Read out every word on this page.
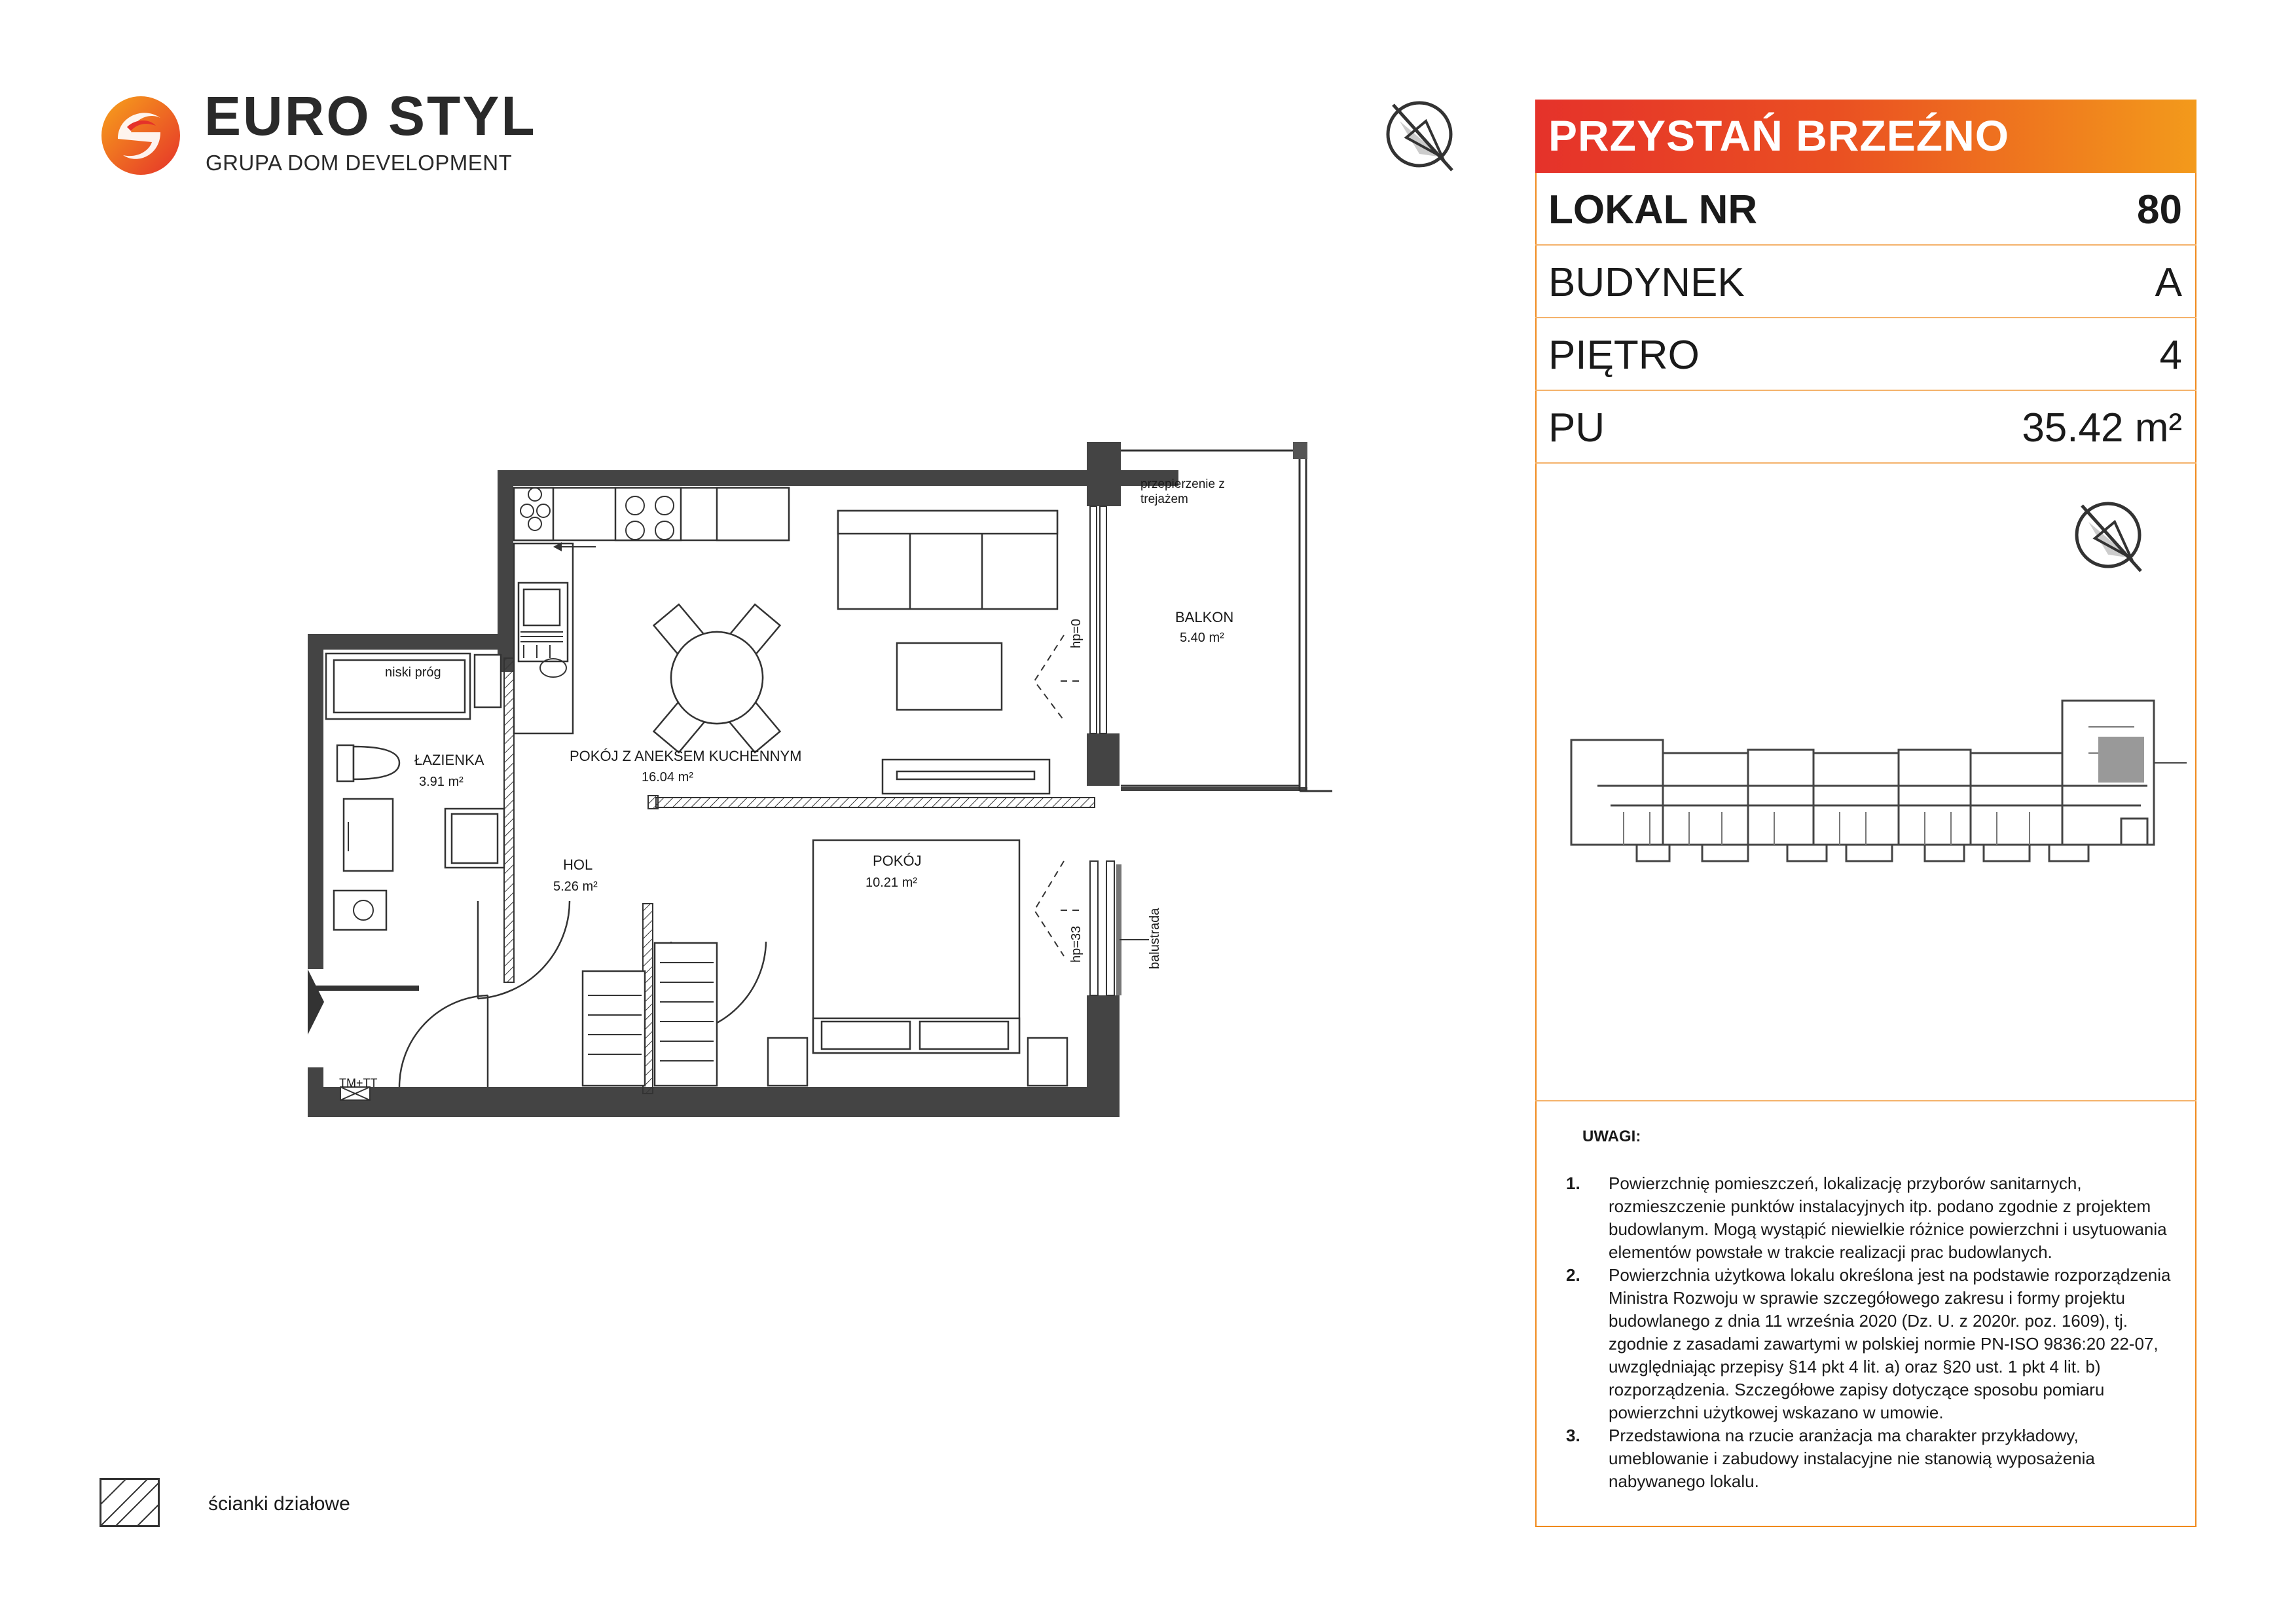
EURO STYL
GRUPA DOM DEVELOPMENT
PRZYSTAŃ BRZEŹNO
LOKAL NR	80
BUDYNEK	A
PIĘTRO	4
PU	35.42 m²
UWAGI:
1. Powierzchnię pomieszczeń, lokalizację przyborów sanitarnych,
rozmieszczenie punktów instalacyjnych itp. podano zgodnie z projektem
budowlanym. Mogą wystąpić niewielkie różnice powierzchni i usytuowania
elementów powstałe w trakcie realizacji prac budowlanych.
2. Powierzchnia użytkowa lokalu określona jest na podstawie rozporządzenia
Ministra Rozwoju w sprawie szczegółowego zakresu i formy projektu
budowlanego z dnia 11 września 2020 (Dz. U. z 2020r. poz. 1609), tj.
zgodnie z zasadami zawartymi w polskiej normie PN-ISO 9836:20 22-07,
uwzględniając przepisy §14 pkt 4 lit. a) oraz §20 ust. 1 pkt 4 lit. b)
rozporządzenia. Szczegółowe zapisy dotyczące sposobu pomiaru
powierzchni użytkowej wskazano w umowie.
3. Przedstawiona na rzucie aranżacja ma charakter przykładowy,
umeblowanie i zabudowy instalacyjne nie stanowią wyposażenia
nabywanego lokalu.
ścianki działowe
POKÓJ Z ANEKSEM KUCHENNYM
16.04 m²
ŁAZIENKA
3.91 m²
HOL
5.26 m²
POKÓJ
10.21 m²
BALKON
5.40 m²
niski próg
przepierzenie z
trejażem
TM+TT
hp=0
hp=33	balustrada
